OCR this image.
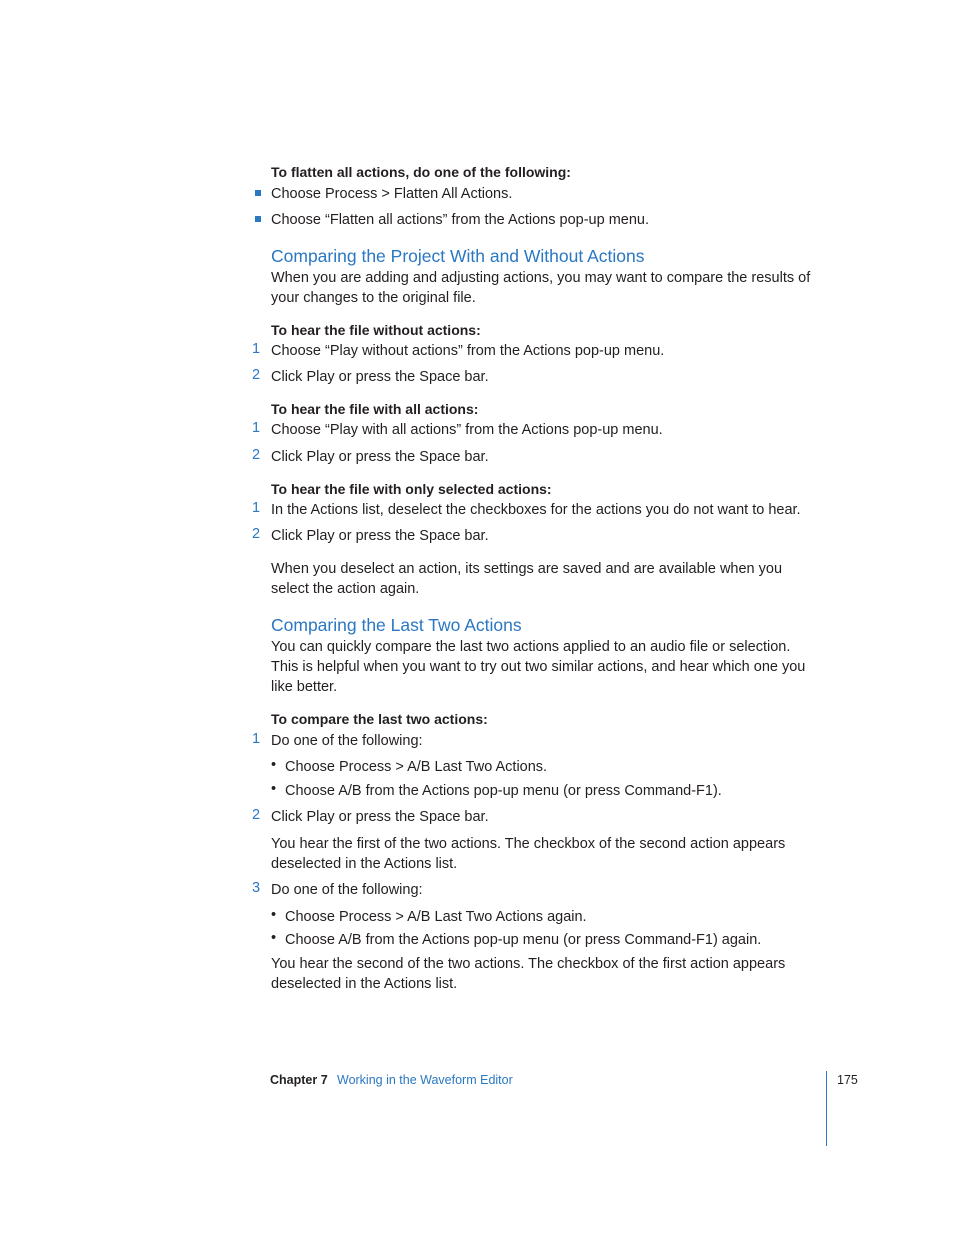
To flatten all actions, do one of the following:
Choose Process > Flatten All Actions.
Choose “Flatten all actions” from the Actions pop-up menu.
Comparing the Project With and Without Actions
When you are adding and adjusting actions, you may want to compare the results of your changes to the original file.
To hear the file without actions:
1 Choose “Play without actions” from the Actions pop-up menu.
2 Click Play or press the Space bar.
To hear the file with all actions:
1 Choose “Play with all actions” from the Actions pop-up menu.
2 Click Play or press the Space bar.
To hear the file with only selected actions:
1 In the Actions list, deselect the checkboxes for the actions you do not want to hear.
2 Click Play or press the Space bar.
When you deselect an action, its settings are saved and are available when you select the action again.
Comparing the Last Two Actions
You can quickly compare the last two actions applied to an audio file or selection. This is helpful when you want to try out two similar actions, and hear which one you like better.
To compare the last two actions:
1 Do one of the following:
• Choose Process > A/B Last Two Actions.
• Choose A/B from the Actions pop-up menu (or press Command-F1).
2 Click Play or press the Space bar.
You hear the first of the two actions. The checkbox of the second action appears deselected in the Actions list.
3 Do one of the following:
• Choose Process > A/B Last Two Actions again.
• Choose A/B from the Actions pop-up menu (or press Command-F1) again.
You hear the second of the two actions. The checkbox of the first action appears deselected in the Actions list.
Chapter 7 Working in the Waveform Editor	175
